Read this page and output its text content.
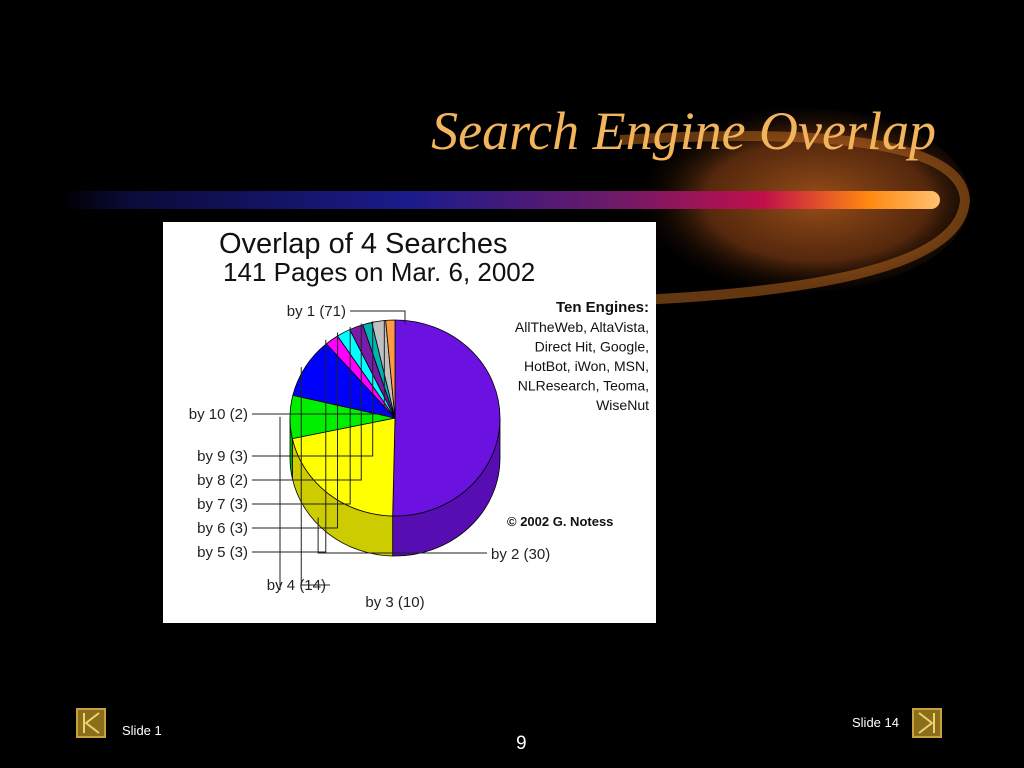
Search Engine Overlap
Overlap of 4 Searches
141 Pages on Mar. 6, 2002
Ten Engines:
AllTheWeb, AltaVista,
Direct Hit, Google,
HotBot, iWon, MSN,
NLResearch, Teoma,
WiseNut
© 2002 G. Notess
by 1 (71)
by 2 (30)
by 3 (10)
by 4 (14)
by 5 (3)
by 6 (3)
by 7 (3)
by 8 (2)
by 9 (3)
by 10 (2)
Slide 1
Slide 14
9
